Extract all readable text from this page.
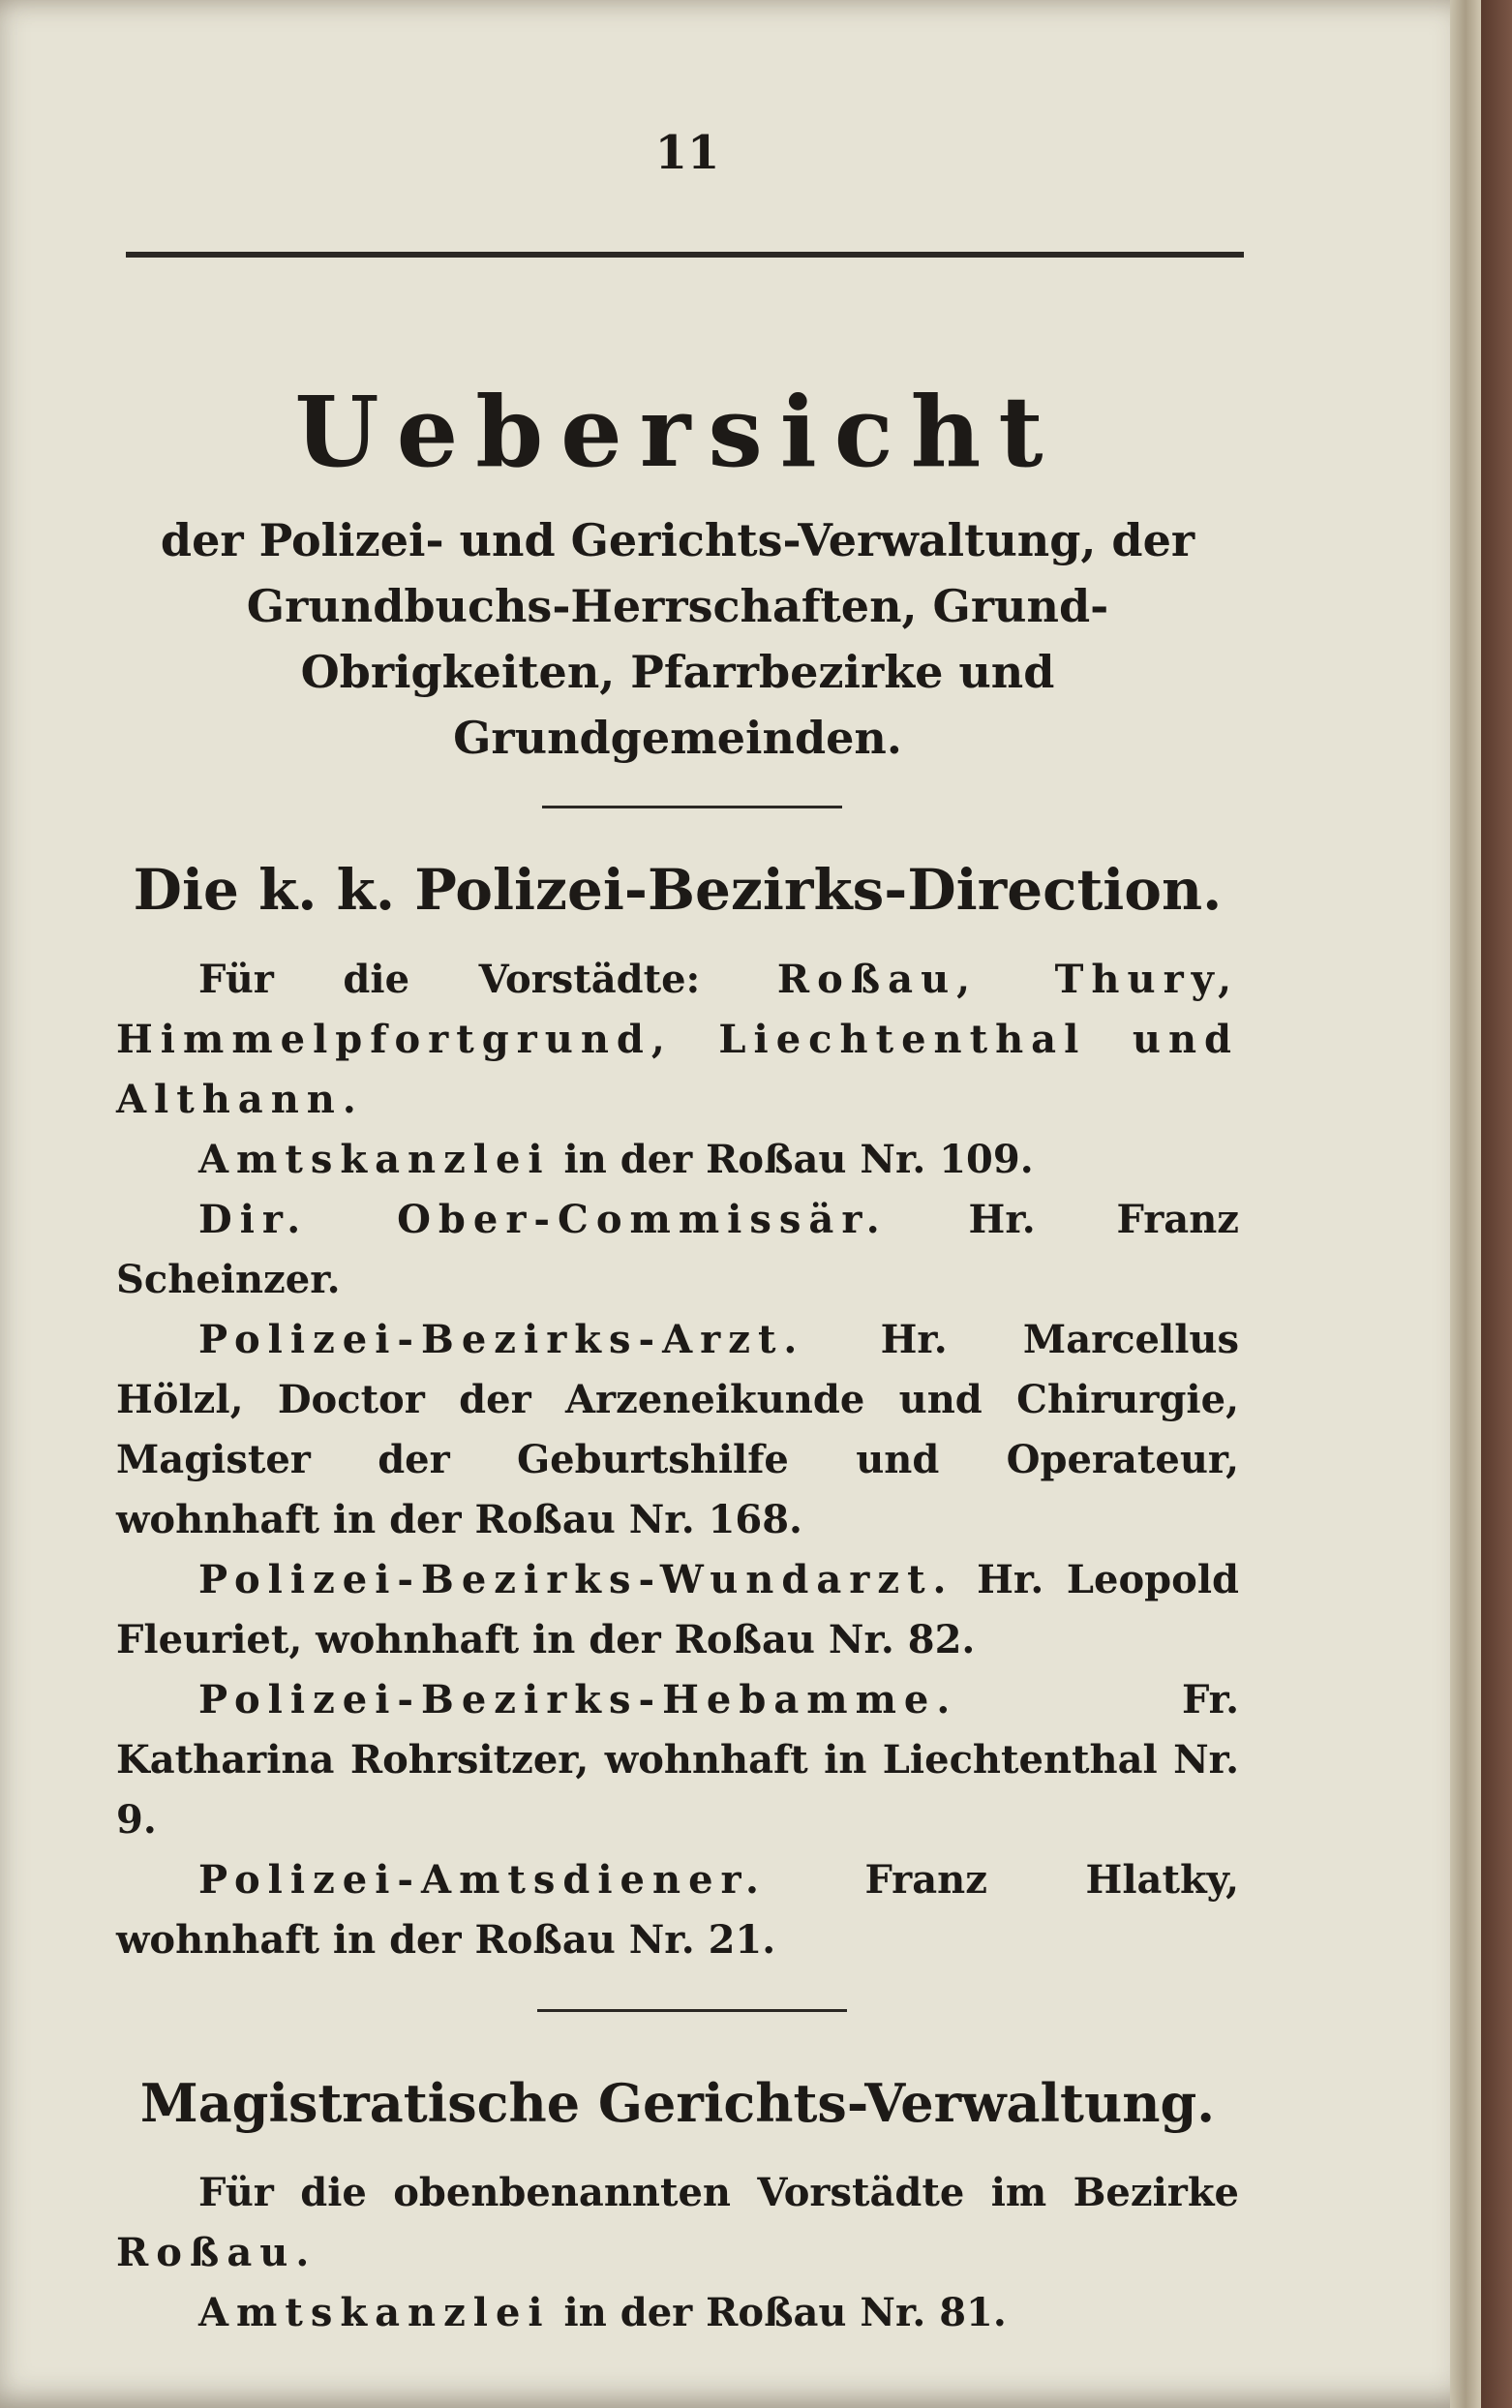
11
Uebersicht
der Polizei- und Gerichts-Verwaltung, der Grundbuchs-Herrschaften, Grund-Obrigkeiten, Pfarrbezirke und Grundgemeinden.
Die k. k. Polizei-Bezirks-Direction.

Für die Vorstädte: Roßau, Thury, Himmelpfortgrund, Liechtenthal und Althann.

Amtskanzlei in der Roßau Nr. 109.

Dir. Ober-Commissär. Hr. Franz Scheinzer.

Polizei-Bezirks-Arzt. Hr. Marcellus Hölzl, Doctor der Arzeneikunde und Chirurgie, Magister der Geburtshilfe und Operateur, wohnhaft in der Roßau Nr. 168.

Polizei-Bezirks-Wundarzt. Hr. Leopold Fleuriet, wohnhaft in der Roßau Nr. 82.

Polizei-Bezirks-Hebamme. Fr. Katharina Rohrsitzer, wohnhaft in Liechtenthal Nr. 9.

Polizei-Amtsdiener. Franz Hlatky, wohnhaft in der Roßau Nr. 21.

Magistratische Gerichts-Verwaltung.

Für die obenbenannten Vorstädte im Bezirke Roßau.

Amtskanzlei in der Roßau Nr. 81.
